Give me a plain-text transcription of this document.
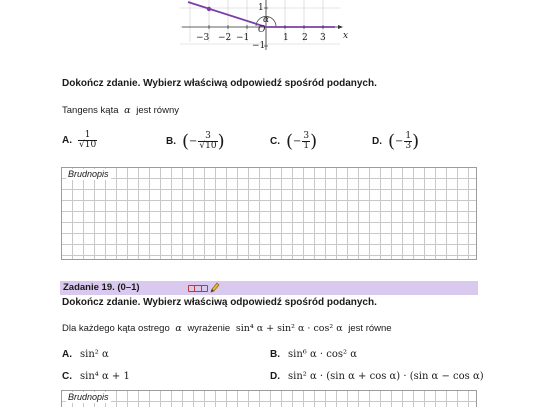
−3 −2 −1	1 2 3 x
O
1
−1
α
Dokończ zdanie. Wybierz właściwą odpowiedź spośród podanych.
Tangens kąta α jest równy
A. $\frac{1}{√10}$	B. ( − $\frac{3}{√10}$ )	C. ( − $\frac{3}{1}$ )	D. ( − $\frac{1}{3}$ )
Brudnopis
Zadanie 19. (0–1)
Dokończ zdanie. Wybierz właściwą odpowiedź spośród podanych.
Dla każdego kąta ostrego α wyrażenie sin⁴ α + sin² α · cos² α jest równe
A. sin² α	B. sin⁶ α · cos² α
C. sin⁴ α + 1	D. sin² α · (sin α + cos α) · (sin α − cos α)
Brudnopis
